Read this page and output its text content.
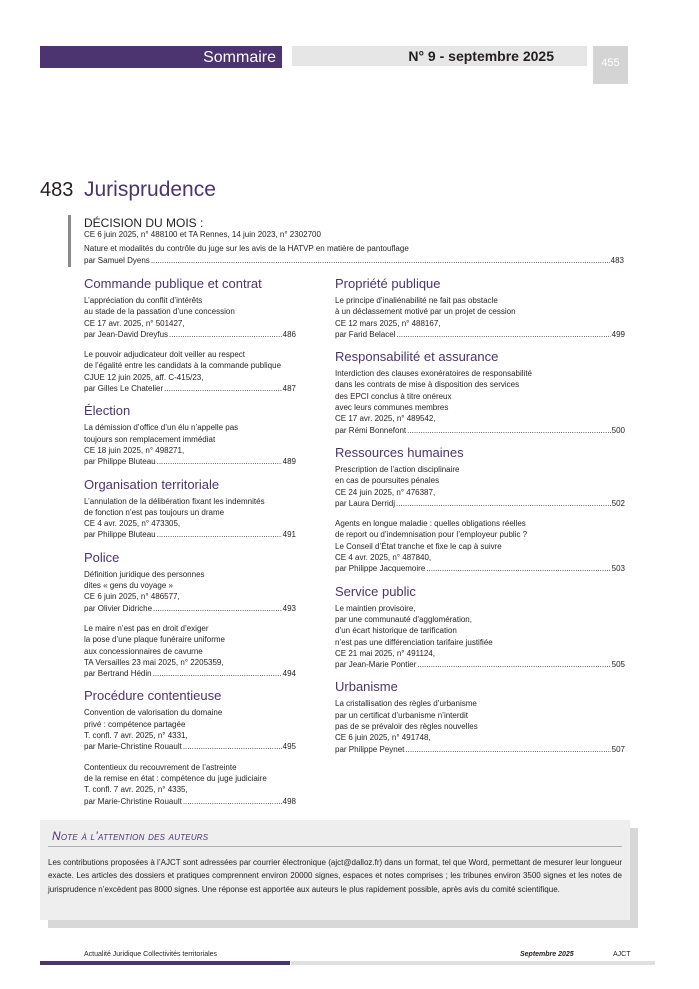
Sommaire	N° 9 - septembre 2025	455
483 Jurisprudence
DÉCISION DU MOIS :
CE 6 juin 2025, n° 488100 et TA Rennes, 14 juin 2023, n° 2302700
Nature et modalités du contrôle du juge sur les avis de la HATVP en matière de pantouflage
par Samuel Dyens .....	483
Commande publique et contrat
L’appréciation du conflit d’intérêts
au stade de la passation d’une concession
CE 17 avr. 2025, n° 501427,
par Jean-David Dreyfus .....	486
Le pouvoir adjudicateur doit veiller au respect
de l’égalité entre les candidats à la commande publique
CJUE 12 juin 2025, aff. C-415/23,
par Gilles Le Chatelier .....	487
Élection
La démission d’office d’un élu n’appelle pas
toujours son remplacement immédiat
CE 18 juin 2025, n° 498271,
par Philippe Bluteau .....	489
Organisation territoriale
L’annulation de la délibération fixant les indemnités
de fonction n’est pas toujours un drame
CE 4 avr. 2025, n° 473305,
par Philippe Bluteau .....	491
Police
Définition juridique des personnes
dites « gens du voyage »
CE 6 juin 2025, n° 486577,
par Olivier Didriche .....	493
Le maire n’est pas en droit d’exiger
la pose d’une plaque funéraire uniforme
aux concessionnaires de cavurne
TA Versailles 23 mai 2025, n° 2205359,
par Bertrand Hédin .....	494
Procédure contentieuse
Convention de valorisation du domaine
privé : compétence partagée
T. confl. 7 avr. 2025, n° 4331,
par Marie-Christine Rouault .....	495
Contentieux du recouvrement de l’astreinte
de la remise en état : compétence du juge judiciaire
T. confl. 7 avr. 2025, n° 4335,
par Marie-Christine Rouault .....	498
Propriété publique
Le principe d’inaliénabilité ne fait pas obstacle
à un déclassement motivé par un projet de cession
CE 12 mars 2025, n° 488167,
par Farid Belacel .....	499
Responsabilité et assurance
Interdiction des clauses exonératoires de responsabilité
dans les contrats de mise à disposition des services
des EPCI conclus à titre onéreux
avec leurs communes membres
CE 17 avr. 2025, n° 489542,
par Rémi Bonnefont .....	500
Ressources humaines
Prescription de l’action disciplinaire
en cas de poursuites pénales
CE 24 juin 2025, n° 476387,
par Laura Derridj .....	502
Agents en longue maladie : quelles obligations réelles
de report ou d’indemnisation pour l’employeur public ?
Le Conseil d’État tranche et fixe le cap à suivre
CE 4 avr. 2025, n° 487840,
par Philippe Jacquemoire .....	503
Service public
Le maintien provisoire,
par une communauté d’agglomération,
d’un écart historique de tarification
n’est pas une différenciation tarifaire justifiée
CE 21 mai 2025, n° 491124,
par Jean-Marie Pontier .....	505
Urbanisme
La cristallisation des règles d’urbanisme
par un certificat d’urbanisme n’interdit
pas de se prévaloir des règles nouvelles
CE 6 juin 2025, n° 491748,
par Philippe Peynet .....	507
Note à l’attention des auteurs
Les contributions proposées à l’AJCT sont adressées par courrier électronique (ajct@dalloz.fr) dans un format, tel que Word, permettant de mesurer leur longueur exacte. Les articles des dossiers et pratiques comprennent environ 20000 signes, espaces et notes comprises ; les tribunes environ 3500 signes et les notes de jurisprudence n’excèdent pas 8000 signes. Une réponse est apportée aux auteurs le plus rapidement possible, après avis du comité scientifique.
Actualité Juridique Collectivités territoriales	Septembre 2025	AJCT
